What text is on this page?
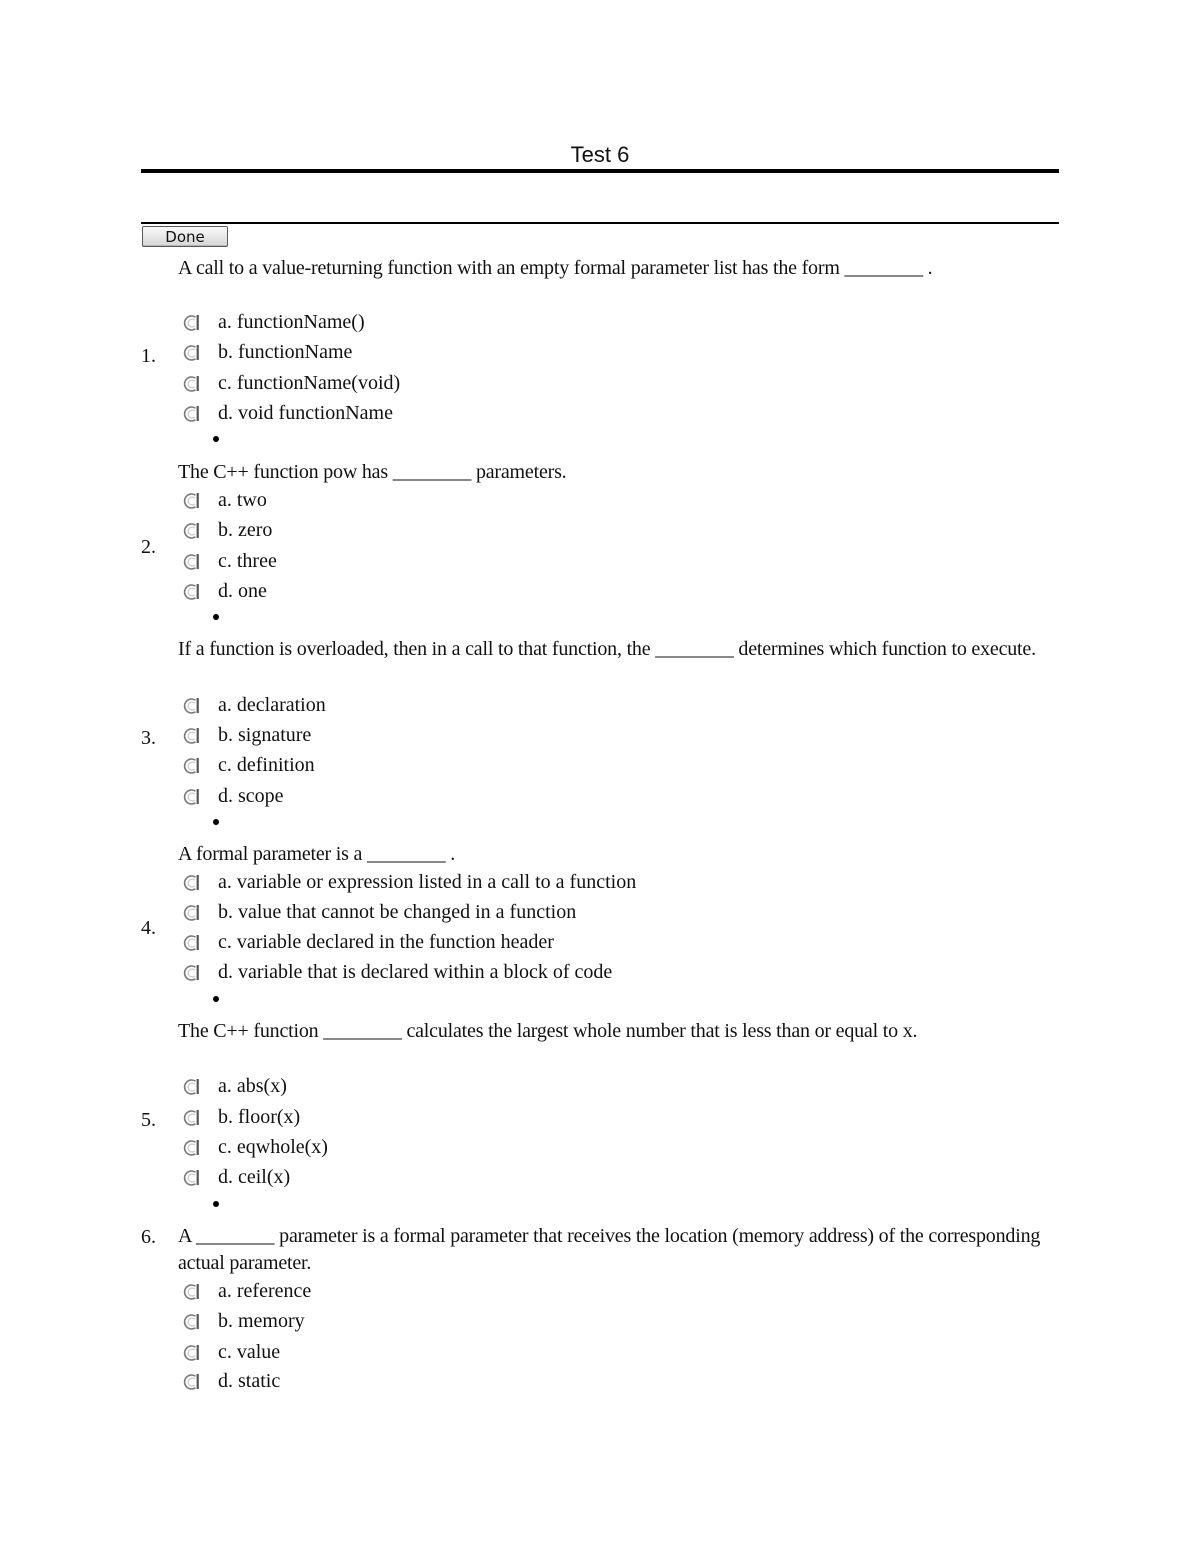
Test 6
Done
1.
A call to a value-returning function with an empty formal parameter list has the form ________ .
a. functionName()
b. functionName
c. functionName(void)
d. void functionName
2.
The C++ function pow has ________ parameters.
a. two
b. zero
c. three
d. one
3.
If a function is overloaded, then in a call to that function, the ________ determines which function to execute.
a. declaration
b. signature
c. definition
d. scope
4.
A formal parameter is a ________ .
a. variable or expression listed in a call to a function
b. value that cannot be changed in a function
c. variable declared in the function header
d. variable that is declared within a block of code
5.
The C++ function ________ calculates the largest whole number that is less than or equal to x.
a. abs(x)
b. floor(x)
c. eqwhole(x)
d. ceil(x)
6. A ________ parameter is a formal parameter that receives the location (memory address) of the corresponding actual parameter.
a. reference
b. memory
c. value
d. static
